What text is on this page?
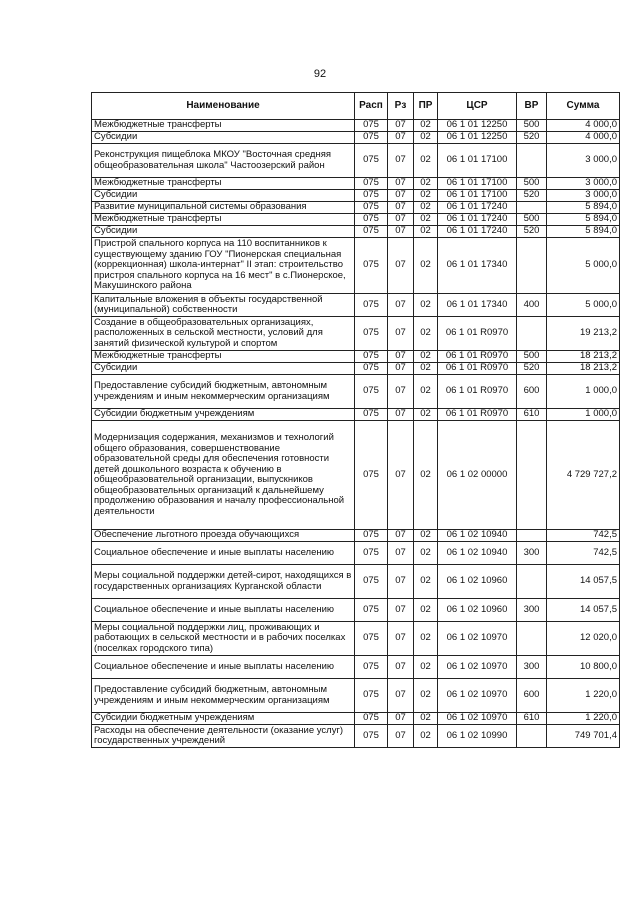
92
Наименование	Расп	Рз	ПР	ЦСР	ВР	Сумма
Межбюджетные трансферты	075	07	02	06 1 01 12250	500	4 000,0
Субсидии	075	07	02	06 1 01 12250	520	4 000,0
Реконструкция пищеблока МКОУ "Восточная средняя общеобразовательная школа" Частоозерский район	075	07	02	06 1 01 17100		3 000,0
Межбюджетные трансферты	075	07	02	06 1 01 17100	500	3 000,0
Субсидии	075	07	02	06 1 01 17100	520	3 000,0
Развитие муниципальной системы образования	075	07	02	06 1 01 17240		5 894,0
Межбюджетные трансферты	075	07	02	06 1 01 17240	500	5 894,0
Субсидии	075	07	02	06 1 01 17240	520	5 894,0
Пристрой спального корпуса на 110 воспитанников к существующему зданию ГОУ "Пионерская специальная (коррекционная) школа-интернат" II этап: строительство пристроя спального корпуса на 16 мест" в с.Пионерское, Макушинского района	075	07	02	06 1 01 17340		5 000,0
Капитальные вложения в объекты государственной (муниципальной) собственности	075	07	02	06 1 01 17340	400	5 000,0
Создание в общеобразовательных организациях, расположенных в сельской местности, условий для занятий физической культурой и спортом	075	07	02	06 1 01 R0970		19 213,2
Межбюджетные трансферты	075	07	02	06 1 01 R0970	500	18 213,2
Субсидии	075	07	02	06 1 01 R0970	520	18 213,2
Предоставление субсидий бюджетным, автономным учреждениям и иным некоммерческим организациям	075	07	02	06 1 01 R0970	600	1 000,0
Субсидии бюджетным учреждениям	075	07	02	06 1 01 R0970	610	1 000,0
Модернизация содержания, механизмов и технологий общего образования, совершенствование образовательной среды для обеспечения готовности детей дошкольного возраста к обучению в общеобразовательной организации, выпускников общеобразовательных организаций к дальнейшему продолжению образования и началу профессиональной деятельности	075	07	02	06 1 02 00000		4 729 727,2
Обеспечение льготного проезда обучающихся	075	07	02	06 1 02 10940		742,5
Социальное обеспечение и иные выплаты населению	075	07	02	06 1 02 10940	300	742,5
Меры социальной поддержки детей-сирот, находящихся в государственных организациях Курганской области	075	07	02	06 1 02 10960		14 057,5
Социальное обеспечение и иные выплаты населению	075	07	02	06 1 02 10960	300	14 057,5
Меры социальной поддержки лиц, проживающих и работающих в сельской местности и в рабочих поселках (поселках городского типа)	075	07	02	06 1 02 10970		12 020,0
Социальное обеспечение и иные выплаты населению	075	07	02	06 1 02 10970	300	10 800,0
Предоставление субсидий бюджетным, автономным учреждениям и иным некоммерческим организациям	075	07	02	06 1 02 10970	600	1 220,0
Субсидии бюджетным учреждениям	075	07	02	06 1 02 10970	610	1 220,0
Расходы на обеспечение деятельности (оказание услуг) государственных учреждений	075	07	02	06 1 02 10990		749 701,4
